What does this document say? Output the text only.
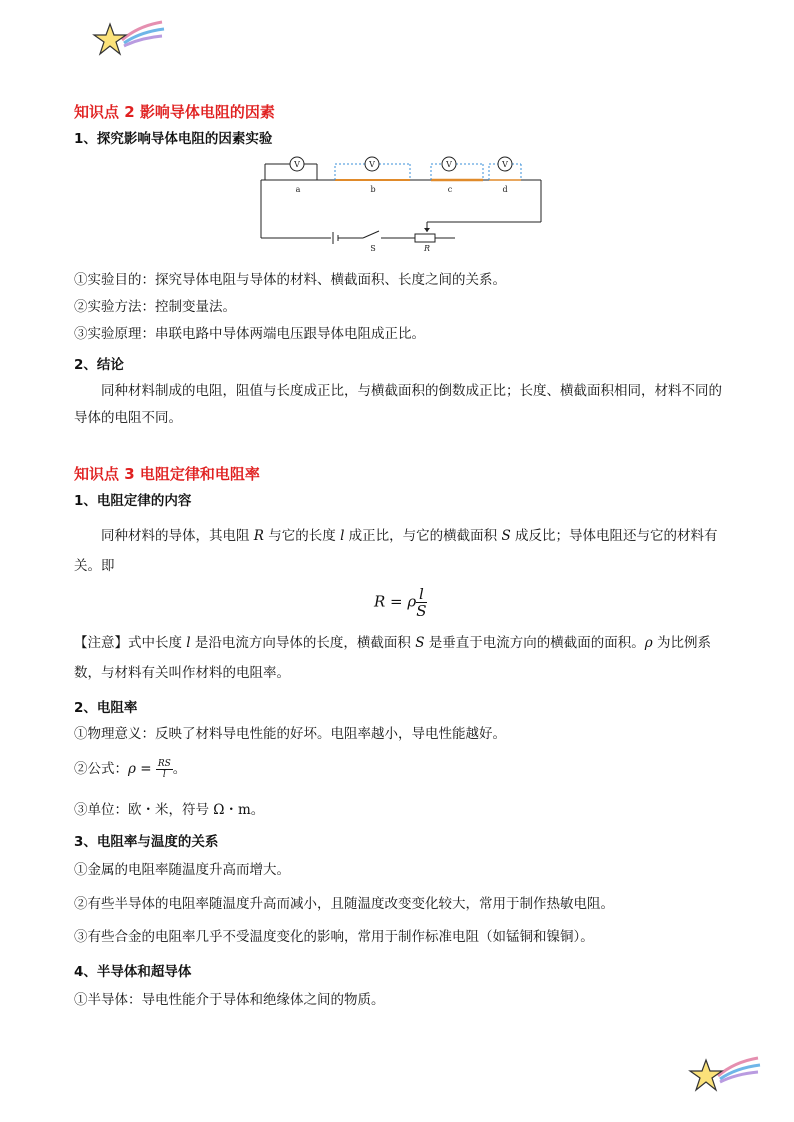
知识点 2 影响导体电阻的因素
1、探究影响导体电阻的因素实验
V	V	V	V
a	b	c	d
S	R
①实验目的：探究导体电阻与导体的材料、横截面积、长度之间的关系。
②实验方法：控制变量法。
③实验原理：串联电路中导体两端电压跟导体电阻成正比。
2、结论
同种材料制成的电阻，阻值与长度成正比，与横截面积的倒数成正比；长度、横截面积相同，材料不同的导体的电阻不同。
知识点 3 电阻定律和电阻率
1、电阻定律的内容
同种材料的导体，其电阻 R 与它的长度 l 成正比，与它的横截面积 S 成反比；导体电阻还与它的材料有关。即
R = ρ $\frac{l}{S}$
【注意】式中长度 l 是沿电流方向导体的长度，横截面积 S 是垂直于电流方向的横截面的面积。ρ 为比例系数，与材料有关叫作材料的电阻率。
2、电阻率
①物理意义：反映了材料导电性能的好坏。电阻率越小，导电性能越好。
②公式：$\rho = \frac{RS}{l}$ 。
③单位：欧・米，符号 Ω・m。
3、电阻率与温度的关系
①金属的电阻率随温度升高而增大。
②有些半导体的电阻率随温度升高而减小，且随温度改变变化较大，常用于制作热敏电阻。
③有些合金的电阻率几乎不受温度变化的影响，常用于制作标准电阻（如锰铜和镍铜）。
4、半导体和超导体
①半导体：导电性能介于导体和绝缘体之间的物质。
